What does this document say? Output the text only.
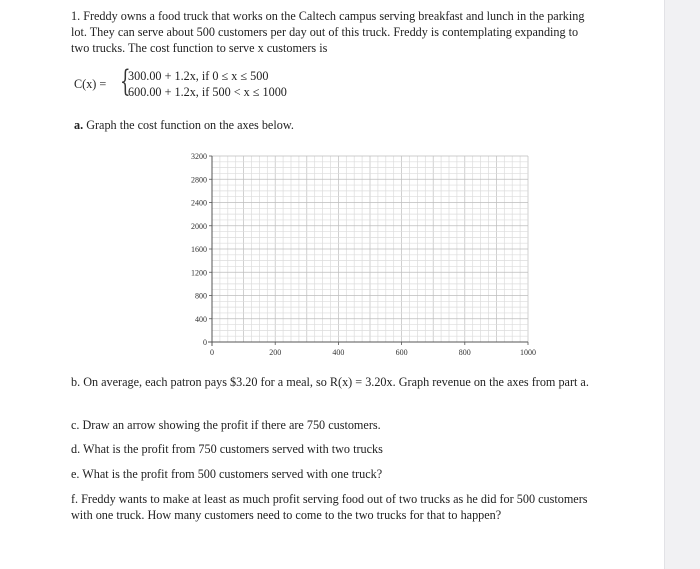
1. Freddy owns a food truck that works on the Caltech campus serving breakfast and lunch in the parking lot. They can serve about 500 customers per day out of this truck. Freddy is contemplating expanding to two trucks. The cost function to serve x customers is
C(x) = {
300.00 + 1.2x, if 0 ≤ x ≤ 500
600.00 + 1.2x, if 500 < x ≤ 1000
a. Graph the cost function on the axes below.
0
400
800
1200
1600
2000
2400
2800
3200
0	200	400	600	800	1000
b. On average, each patron pays $3.20 for a meal, so R(x) = 3.20x. Graph revenue on the axes from part a.
c. Draw an arrow showing the profit if there are 750 customers.
d. What is the profit from 750 customers served with two trucks
e. What is the profit from 500 customers served with one truck?
f. Freddy wants to make at least as much profit serving food out of two trucks as he did for 500 customers with one truck. How many customers need to come to the two trucks for that to happen?
